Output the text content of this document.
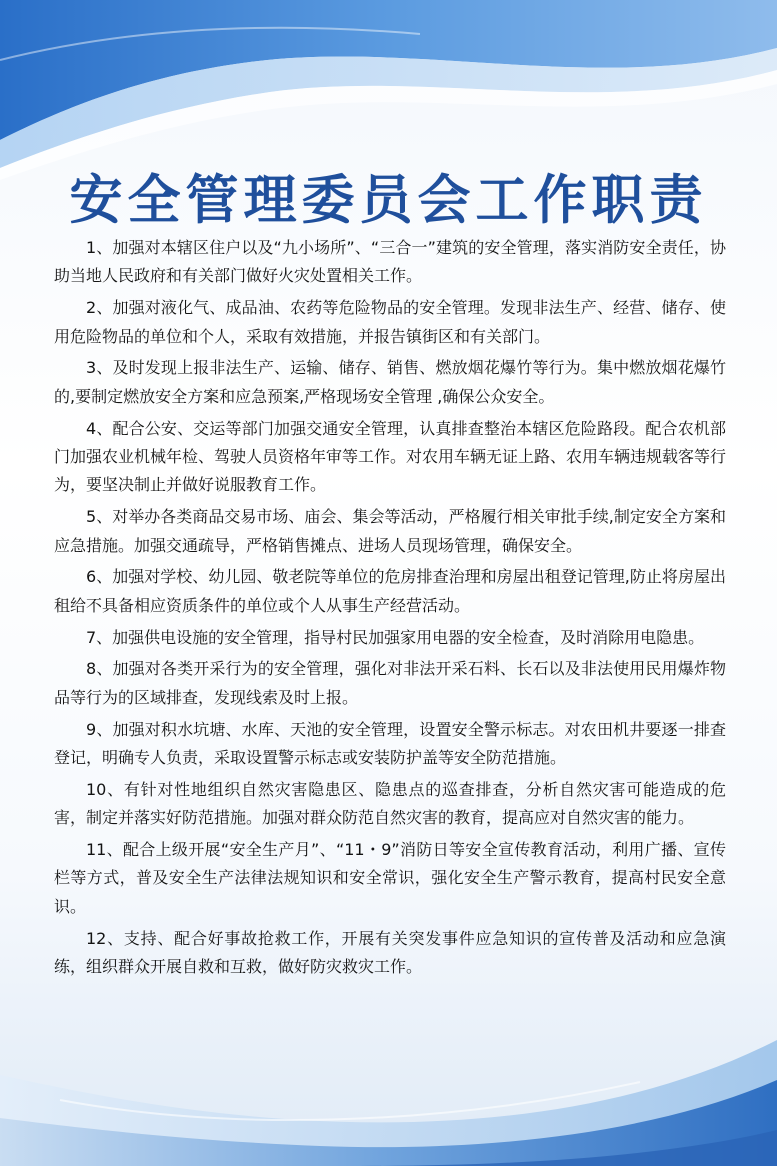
安全管理委员会工作职责

1、加强对本辖区住户以及“九小场所”、“三合一”建筑的安全管理，落实消防安全责任，协助当地人民政府和有关部门做好火灾处置相关工作。

2、加强对液化气、成品油、农药等危险物品的安全管理。发现非法生产、经营、储存、使用危险物品的单位和个人，采取有效措施，并报告镇街区和有关部门。

3、及时发现上报非法生产、运输、储存、销售、燃放烟花爆竹等行为。集中燃放烟花爆竹的,要制定燃放安全方案和应急预案,严格现场安全管理 ,确保公众安全。

4、配合公安、交运等部门加强交通安全管理，认真排查整治本辖区危险路段。配合农机部门加强农业机械年检、驾驶人员资格年审等工作。对农用车辆无证上路、农用车辆违规载客等行为，要坚决制止并做好说服教育工作。

5、对举办各类商品交易市场、庙会、集会等活动，严格履行相关审批手续,制定安全方案和应急措施。加强交通疏导，严格销售摊点、进场人员现场管理，确保安全。

6、加强对学校、幼儿园、敬老院等单位的危房排查治理和房屋出租登记管理,防止将房屋出租给不具备相应资质条件的单位或个人从事生产经营活动。

7、加强供电设施的安全管理，指导村民加强家用电器的安全检查，及时消除用电隐患。

8、加强对各类开采行为的安全管理，强化对非法开采石料、长石以及非法使用民用爆炸物品等行为的区域排查，发现线索及时上报。

9、加强对积水坑塘、水库、天池的安全管理，设置安全警示标志。对农田机井要逐一排查登记，明确专人负责，采取设置警示标志或安装防护盖等安全防范措施。

10、有针对性地组织自然灾害隐患区、隐患点的巡查排查，分析自然灾害可能造成的危害，制定并落实好防范措施。加强对群众防范自然灾害的教育，提高应对自然灾害的能力。

11、配合上级开展“安全生产月”、“11・9”消防日等安全宣传教育活动，利用广播、宣传栏等方式，普及安全生产法律法规知识和安全常识，强化安全生产警示教育，提高村民安全意识。

12、支持、配合好事故抢救工作，开展有关突发事件应急知识的宣传普及活动和应急演练，组织群众开展自救和互救，做好防灾救灾工作。
